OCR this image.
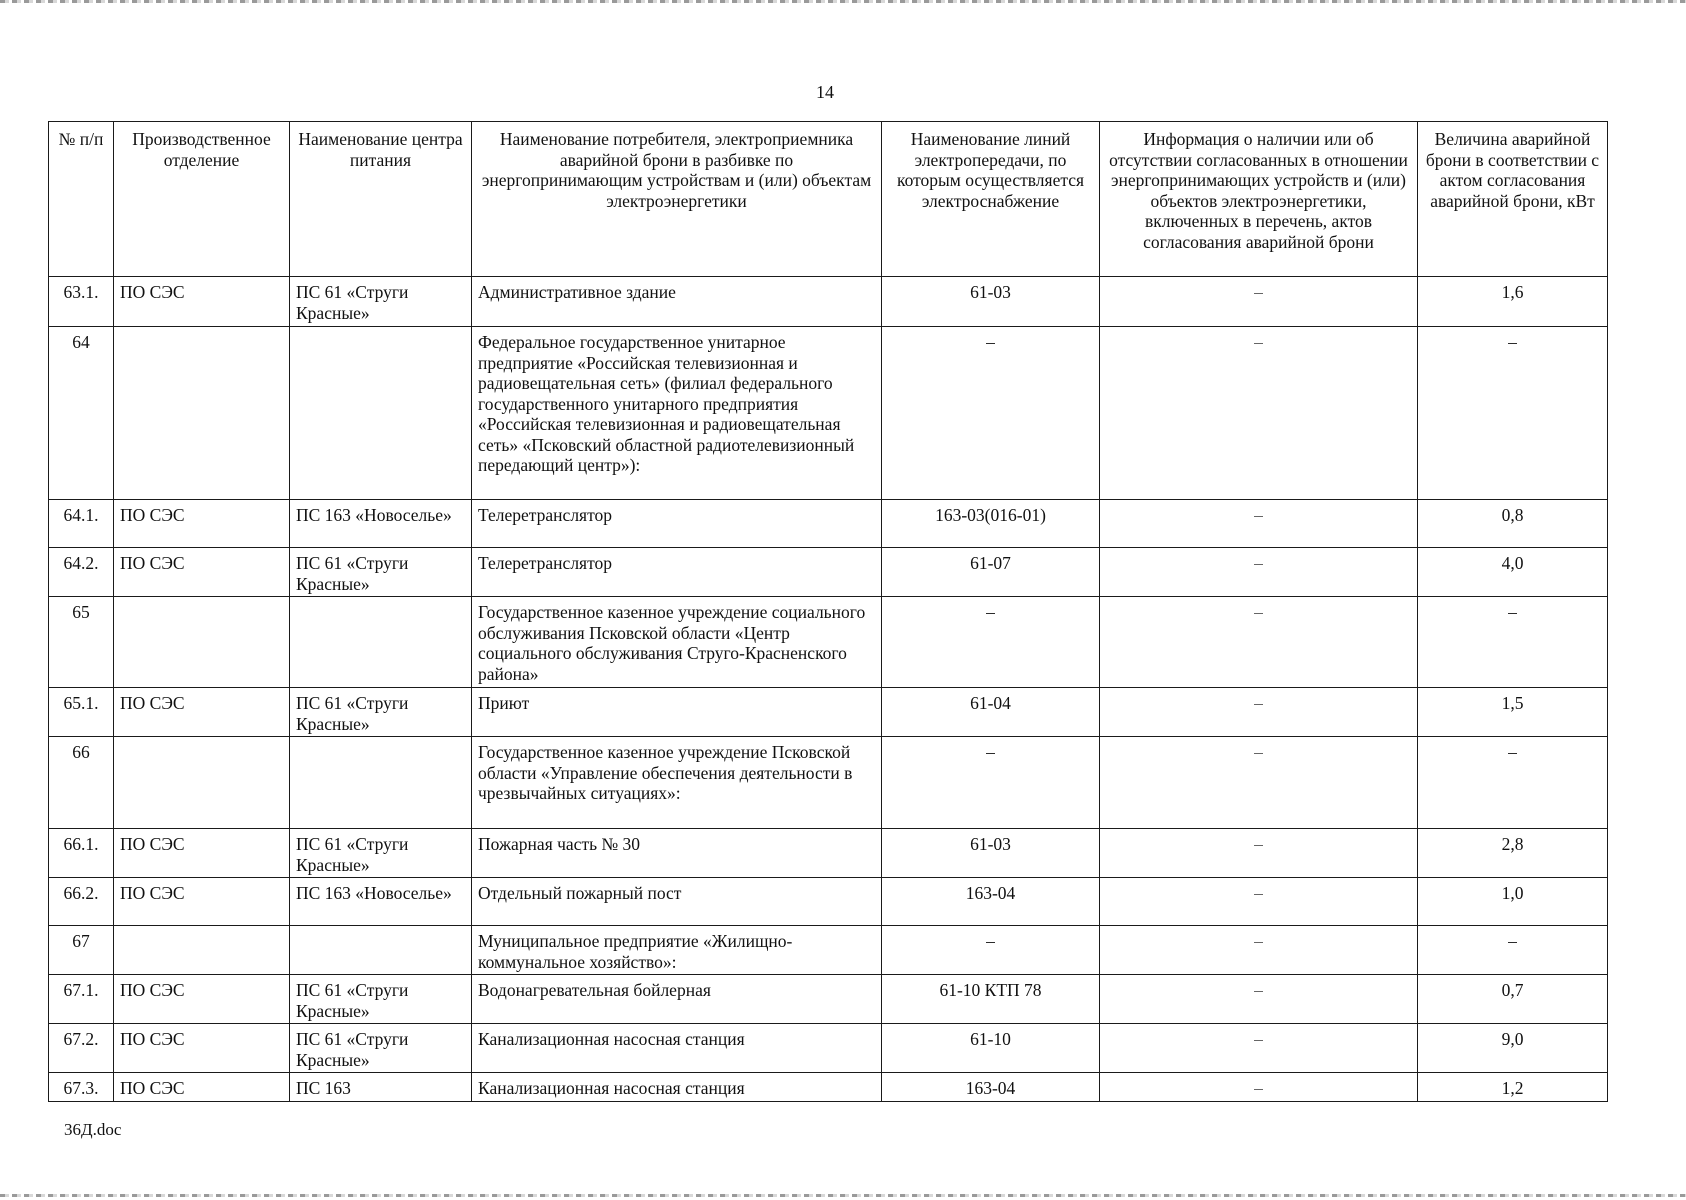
14
№ п/п	Производственное отделение	Наименование центра питания	Наименование потребителя, электроприемника аварийной брони в разбивке по энергопринимающим устройствам и (или) объектам электроэнергетики	Наименование линий электропередачи, по которым осуществляется электроснабжение	Информация о наличии или об отсутствии согласованных в отношении энергопринимающих устройств и (или) объектов электроэнергетики, включенных в перечень, актов согласования аварийной брони	Величина аварийной брони в соответствии с актом согласования аварийной брони, кВт
63.1.	ПО СЭС	ПС 61 «Струги Красные»	Административное здание	61-03	–	1,6
64			Федеральное государственное унитарное предприятие «Российская телевизионная и радиовещательная сеть» (филиал федерального государственного унитарного предприятия «Российская телевизионная и радиовещательная сеть» «Псковский областной радиотелевизионный передающий центр»):	–	–	–
64.1.	ПО СЭС	ПС 163 «Новоселье»	Телеретранслятор	163-03(016-01)	–	0,8
64.2.	ПО СЭС	ПС 61 «Струги Красные»	Телеретранслятор	61-07	–	4,0
65			Государственное казенное учреждение социального обслуживания Псковской области «Центр социального обслуживания Струго-Красненского района»	–	–	–
65.1.	ПО СЭС	ПС 61 «Струги Красные»	Приют	61-04	–	1,5
66			Государственное казенное учреждение Псковской области «Управление обеспечения деятельности в чрезвычайных ситуациях»:	–	–	–
66.1.	ПО СЭС	ПС 61 «Струги Красные»	Пожарная часть № 30	61-03	–	2,8
66.2.	ПО СЭС	ПС 163 «Новоселье»	Отдельный пожарный пост	163-04	–	1,0
67			Муниципальное предприятие «Жилищно-коммунальное хозяйство»:	–	–	–
67.1.	ПО СЭС	ПС 61 «Струги Красные»	Водонагревательная бойлерная	61-10 КТП 78	–	0,7
67.2.	ПО СЭС	ПС 61 «Струги Красные»	Канализационная насосная станция	61-10	–	9,0
67.3.	ПО СЭС	ПС 163	Канализационная насосная станция	163-04	–	1,2
36Д.doc
